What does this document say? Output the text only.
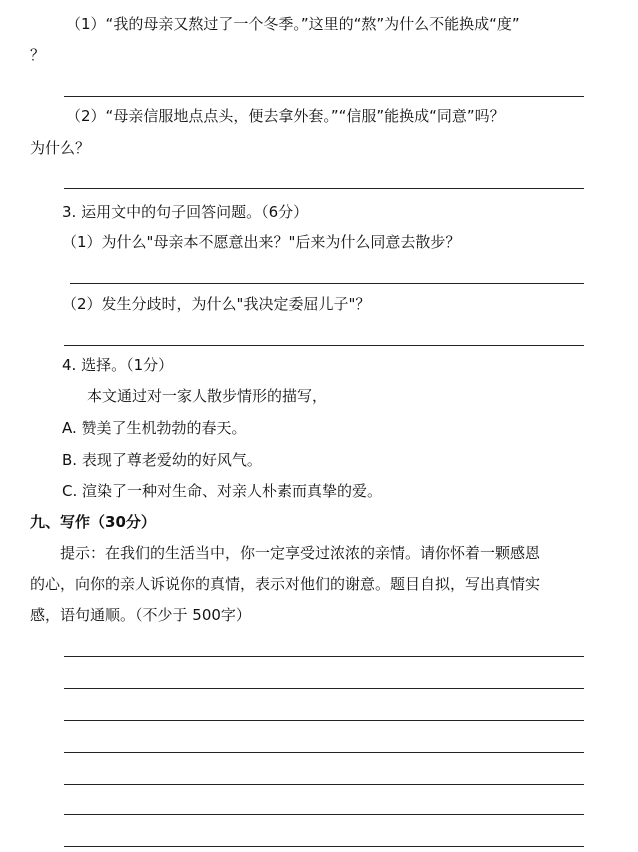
（1）“我的母亲又熬过了一个冬季。”这里的“熬”为什么不能换成“度”
？
（2）“母亲信服地点点头，便去拿外套。”“信服”能换成“同意”吗？
为什么？
3. 运用文中的句子回答问题。（6分）
（1）为什么"母亲本不愿意出来？"后来为什么同意去散步？
（2）发生分歧时，为什么"我决定委屈儿子"？
4. 选择。（1分）
本文通过对一家人散步情形的描写，
A. 赞美了生机勃勃的春天。
B. 表现了尊老爱幼的好风气。
C. 渲染了一种对生命、对亲人朴素而真挚的爱。
九、写作（30分）
提示：在我们的生活当中，你一定享受过浓浓的亲情。请你怀着一颗感恩
的心，向你的亲人诉说你的真情，表示对他们的谢意。题目自拟，写出真情实
感，语句通顺。（不少于 500字）
